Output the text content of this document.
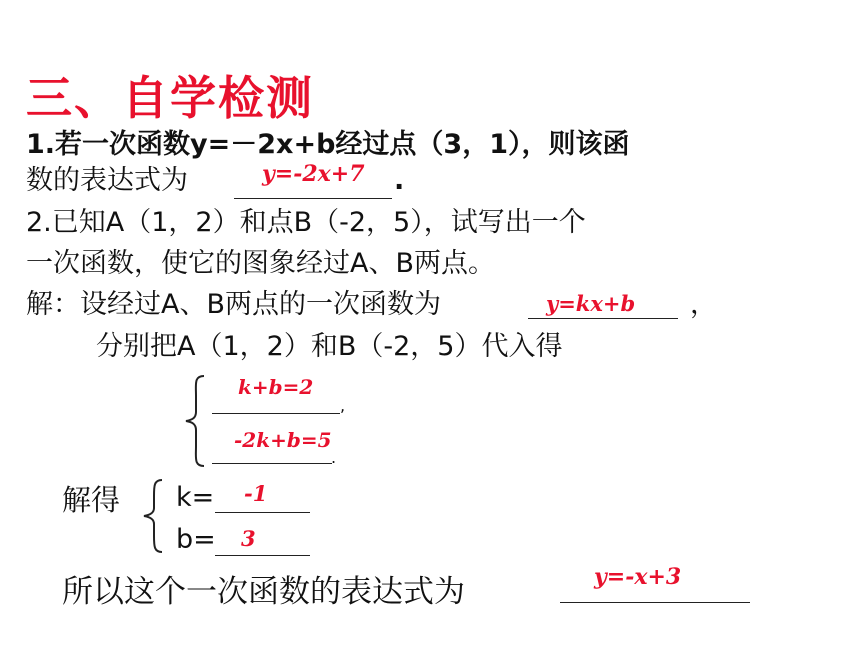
三、自学检测
1.若一次函数y=－2x+b经过点（3，1），则该函
数的表达式为	y=-2x+7 .
2.已知A（1，2）和点B（-2，5），试写出一个
一次函数，使它的图象经过A、B两点。
解：设经过A、B两点的一次函数为	y=kx+b ，
分别把A（1，2）和B（-2，5）代入得
k+b=2
,
-2k+b=5
.
解得 k= -1
b= 3
所以这个一次函数的表达式为	y=-x+3
